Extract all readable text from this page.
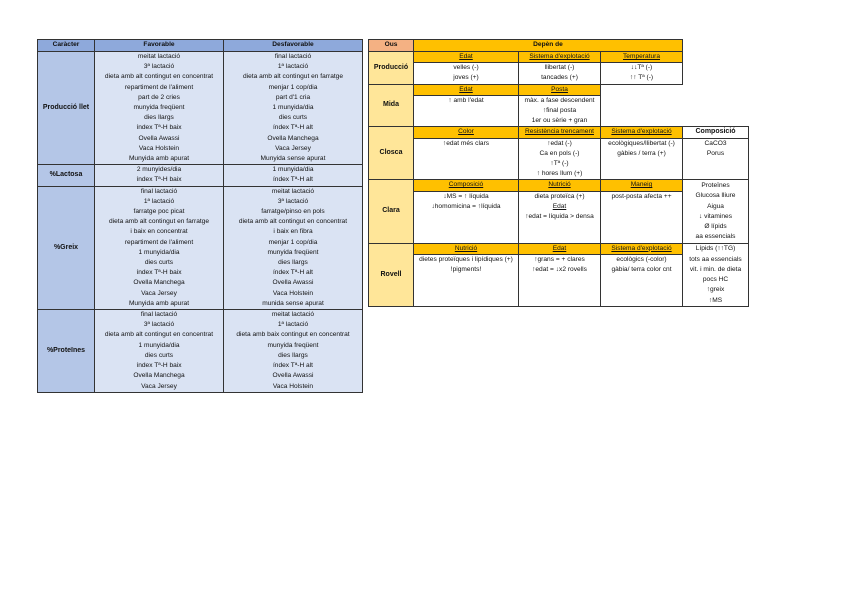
Caràcter	Favorable	Desfavorable
Producció llet	meitat lactació	final lactació
	3ª lactació	1ª lactació
	dieta amb alt contingut en concentrat	dieta amb alt contingut en farratge
	repartiment de l'aliment	menjar 1 cop/dia
	part de 2 cries	part d'1 cria
	munyida freqüent	1 munyida/dia
	dies llargs	dies curts
	índex Tª-H baix	índex Tª-H alt
	Ovella Awassi	Ovella Manchega
	Vaca Holstein	Vaca Jersey
	Munyida amb apurat	Munyida sense apurat
%Lactosa	2 munyides/dia	1 munyida/dia
	índex Tª-H baix	índex Tª-H alt
%Greix	final lactació	meitat lactació
	1ª lactació	3ª lactació
	farratge poc picat	farratge/pinso en pols
	dieta amb alt contingut en farratge	dieta amb alt contingut en concentrat
	i baix en concentrat	i baix en fibra
	repartiment de l'aliment	menjar 1 cop/dia
	1 munyida/dia	munyida freqüent
	dies curts	dies llargs
	índex Tª-H baix	índex Tª-H alt
	Ovella Manchega	Ovella Awassi
	Vaca Jersey	Vaca Holstein
	Munyida amb apurat	munida sense apurat
%Proteïnes	final lactació	meitat lactació
	3ª lactació	1ª lactació
	dieta amb alt contingut en concentrat	dieta amb baix contingut en concentrat
	1 munyida/dia	munyida freqüent
	dies curts	dies llargs
	índex Tª-H baix	índex Tª-H alt
	Ovella Manchega	Ovella Awassi
	Vaca Jersey	Vaca Holstein
Ous	Depèn de			
Producció	Edat	Sistema d'explotació	Temperatura	
	velles (-)	llibertat (-)	↓↓Tª (-)	
	joves (+)	tancades (+)	↑↑ Tª (-)	
Mida	Edat	Posta		
	↑ amb l'edat	màx. a fase descendent		
		↑final posta		
		1er ou sèrie + gran		
Closca	Color	Resistència trencament	Sistema d'explotació	Composició
	↑edat més clars	↑edat (-)	ecològiques/llibertat (-)	CaCO3
		Ca en pols (-)	gàbies / terra (+)	Porus
		↑Tª (-)		
		↑ hores llum (+)		
Clara	Composició	Nutrició	Maneig	Proteïnes
	↓MS = ↑ líquida	dieta proteïca (+)	post-posta afecta ++	Glucosa lliure
	↓homomicina = ↑líquida	Edat		Aigua
		↑edat = líquida > densa		↓ vitamines
				Ø lípids
				aa essencials
Rovell	Nutrició	Edat	Sistema d'explotació	Lípids (↑↑TG)
	dietes proteïques i lipídiques (+)	↑grans = + clares	ecològics (-color)	tots aa essencials
	!pigments!	↑edat = ↓x2 rovells	gàbia/ terra color cnt	vit. i min. de dieta
				pocs HC
				↑greix
				↑MS
